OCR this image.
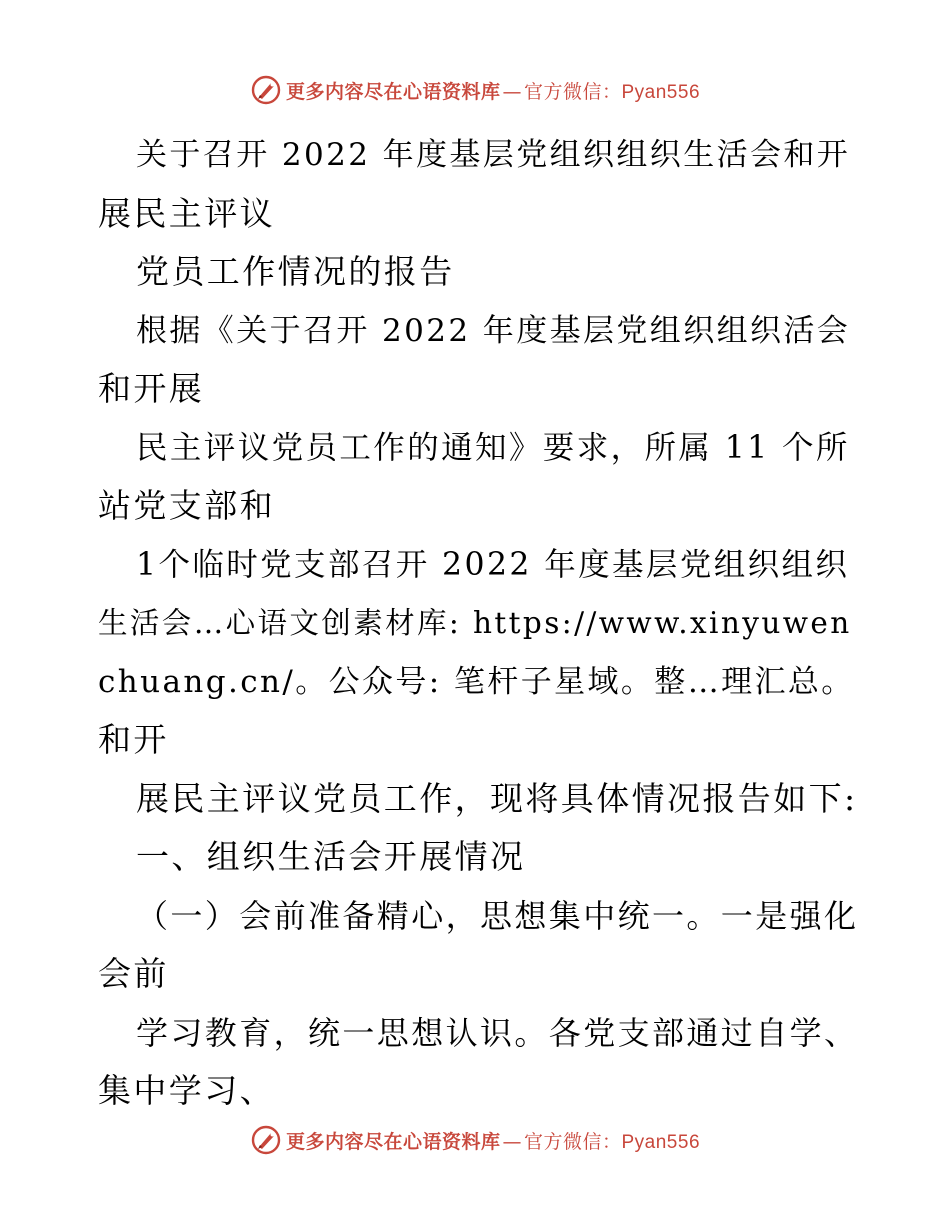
更多内容尽在心语资料库 — 官方微信：Pyan556
关于召开 2022 年度基层党组织组织生活会和开
展民主评议
党员工作情况的报告
根据《关于召开 2022 年度基层党组织组织活会
和开展
民主评议党员工作的通知》要求，所属 11 个所
站党支部和
1个临时党支部召开 2022 年度基层党组织组织
生活会…心语文创素材库: https://www.xinyuwen
chuang.cn/。公众号: 笔杆子星域。整…理汇总。
和开
展民主评议党员工作，现将具体情况报告如下:
一、组织生活会开展情况
（一）会前准备精心，思想集中统一。一是强化
会前
学习教育，统一思想认识。各党支部通过自学、
集中学习、
更多内容尽在心语资料库 — 官方微信：Pyan556
